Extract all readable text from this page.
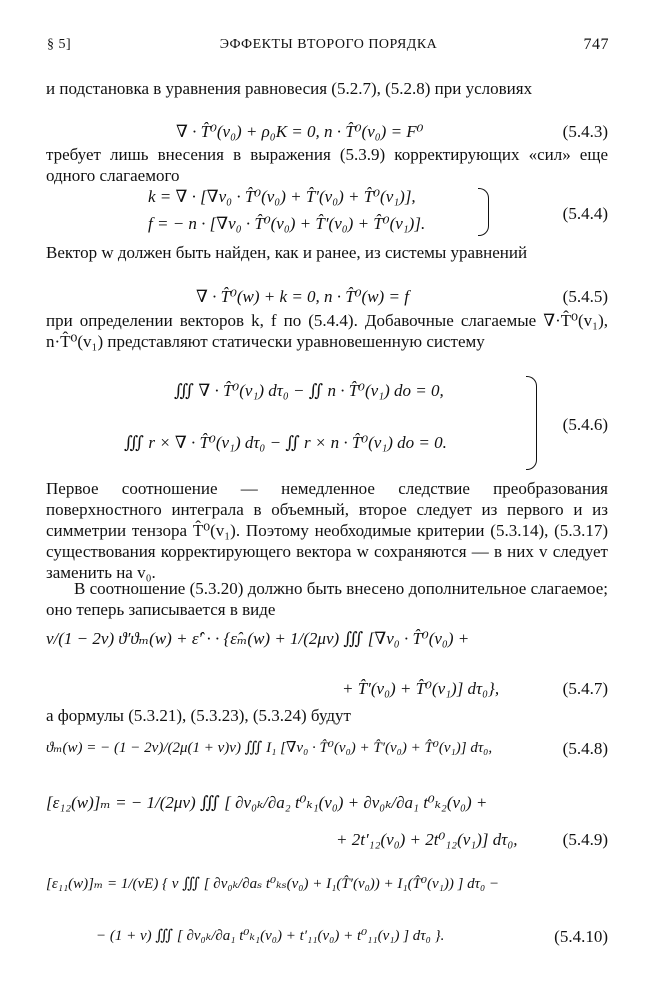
§ 5]	ЭФФЕКТЫ ВТОРОГО ПОРЯДКА	747
и подстановка в уравнения равновесия (5.2.7), (5.2.8) при условиях
∇ · T̂⁰(v₀) + ρ₀K = 0, n · T̂⁰(v₀) = F⁰	(5.4.3)
требует лишь внесения в выражения (5.3.9) корректирующих «сил» еще одного слагаемого
k = ∇ · [∇v₀ · T̂⁰(v₀) + T̂′(v₀) + T̂⁰(v₁)],
f = − n · [∇v₀ · T̂⁰(v₀) + T̂′(v₀) + T̂⁰(v₁)].
(5.4.4)
Вектор w должен быть найден, как и ранее, из системы уравнений
∇ · T̂⁰(w) + k = 0, n · T̂⁰(w) = f	(5.4.5)
при определении векторов k, f по (5.4.4). Добавочные слагаемые ∇·T̂⁰(v₁), n·T̂⁰(v₁) представляют статически уравновешенную систему
∭ ∇ · T̂⁰(v₁) dτ₀ − ∬ n · T̂⁰(v₁) do = 0,
∭ r × ∇ · T̂⁰(v₁) dτ₀ − ∬ r × n · T̂⁰(v₁) do = 0.
(5.4.6)
Первое соотношение — немедленное следствие преобразования поверхностного интеграла в объемный, второе следует из первого и из симметрии тензора T̂⁰(v₁). Поэтому необходимые критерии (5.3.14), (5.3.17) существования корректирующего вектора w сохраняются — в них v следует заменить на v₀.
В соотношение (5.3.20) должно быть внесено дополнительное слагаемое; оно теперь записывается в виде
ν/(1 − 2ν) ϑ′ϑₘ(w) + ε̂′ · · {ε̂ₘ(w) + 1/(2μv) ∭ [∇v₀ · T̂⁰(v₀) +
+ T̂′(v₀) + T̂⁰(v₁)] dτ₀},	(5.4.7)
а формулы (5.3.21), (5.3.23), (5.3.24) будут
ϑₘ(w) = − (1 − 2ν)/(2μ(1 + ν)v) ∭ I₁ [∇v₀ · T̂⁰(v₀) + T̂′(v₀) + T̂⁰(v₁)] dτ₀,	(5.4.8)
[ε₁₂(w)]ₘ = − 1/(2μv) ∭ [ ∂v₀ₖ/∂a₂ t⁰ₖ₁(v₀) + ∂v₀ₖ/∂a₁ t⁰ₖ₂(v₀) +
+ 2t′₁₂(v₀) + 2t⁰₁₂(v₁)] dτ₀,	(5.4.9)
[ε₁₁(w)]ₘ = 1/(vE) { ν ∭ [ ∂v₀ₖ/∂aₛ t⁰ₖₛ(v₀) + I₁(T̂′(v₀)) + I₁(T̂⁰(v₁)) ] dτ₀ −
− (1 + ν) ∭ [ ∂v₀ₖ/∂a₁ t⁰ₖ₁(v₀) + t′₁₁(v₀) + t⁰₁₁(v₁) ] dτ₀ }.	(5.4.10)
